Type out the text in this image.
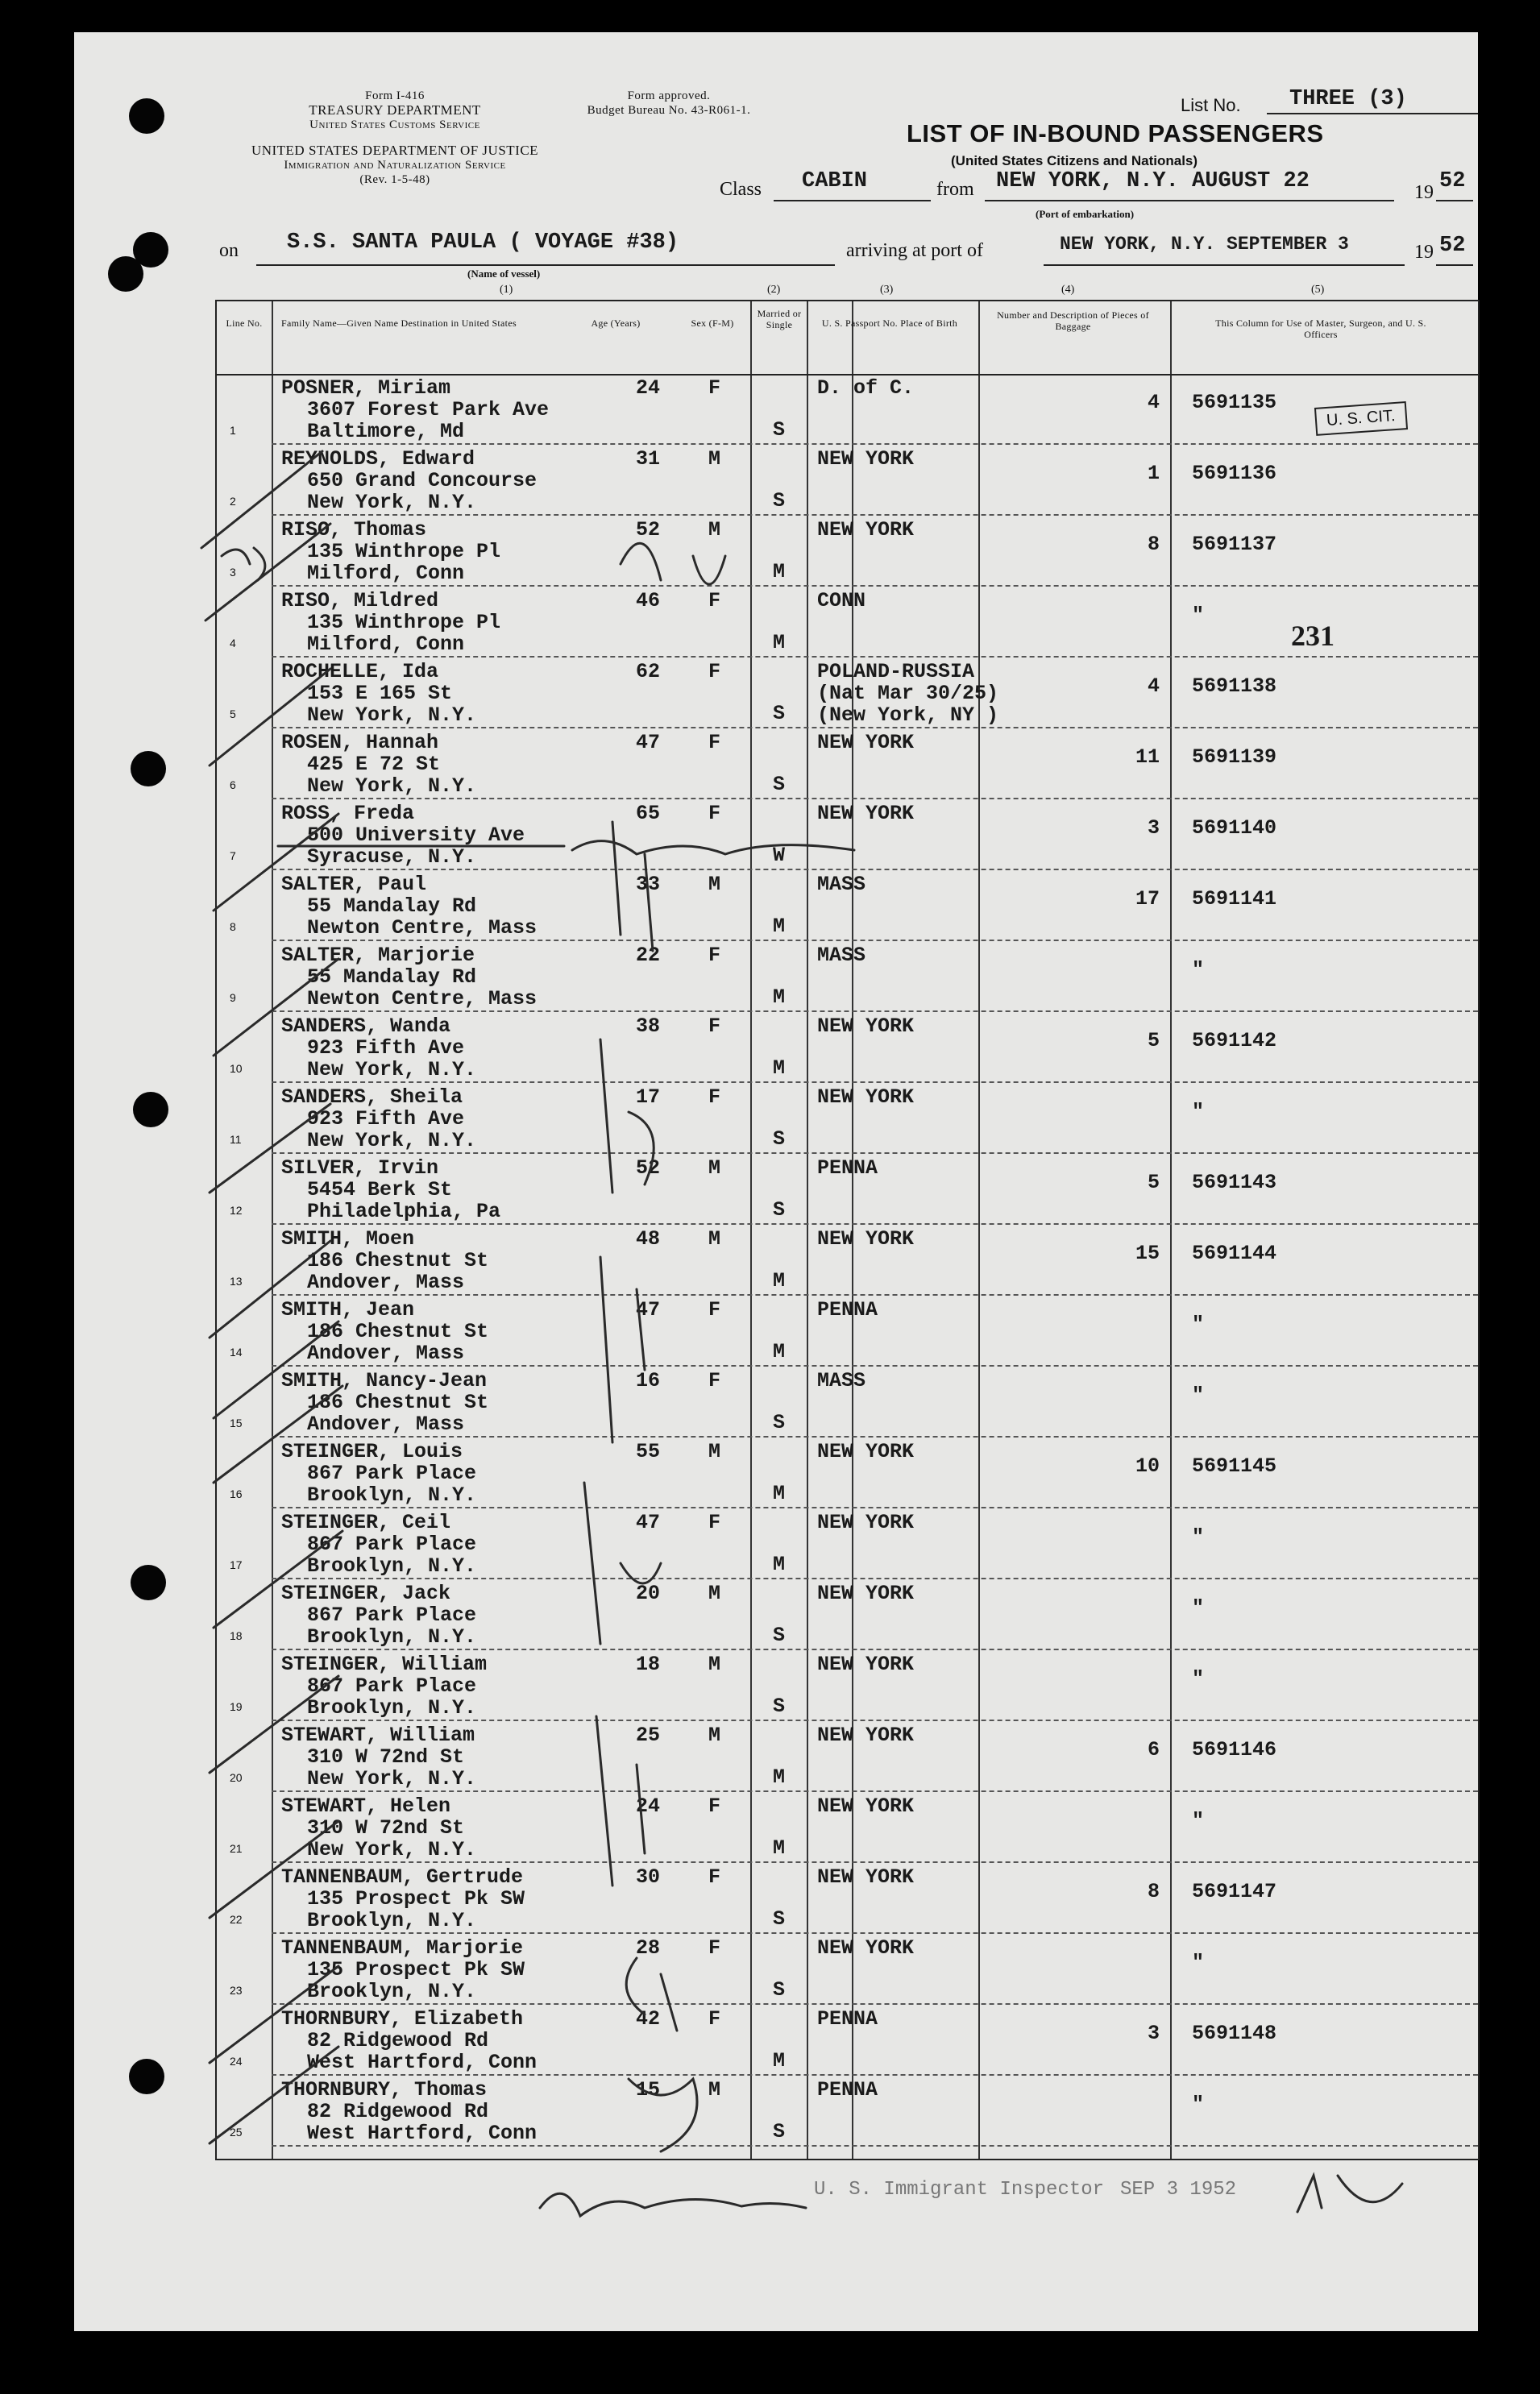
Form I-416
TREASURY DEPARTMENT
United States Customs Service
UNITED STATES DEPARTMENT OF JUSTICE
Immigration and Naturalization Service
(Rev. 1-5-48)
Form approved.
Budget Bureau No. 43-R061-1.	List No. THREE (3)
LIST OF IN-BOUND PASSENGERS
(United States Citizens and Nationals)
Class CABIN	from NEW YORK, N.Y. AUGUST 22	19 52
(Port of embarkation)
on S.S. SANTA PAULA ( VOYAGE #38)
(Name of vessel)
arriving at port of	NEW YORK, N.Y. SEPTEMBER 3	19 52
(1)	(2)	(3)	(4)	(5)
Line No.	Family Name—Given Name Destination in United States	Age (Years)	Sex (F-M)
Married or Single	U. S. Passport No. Place of Birth
Number and Description of Pieces of Baggage	This Column for Use of Master, Surgeon, and U. S. Officers
1
POSNER, Miriam
3607 Forest Park Ave
Baltimore, Md
24 F
S
D. of C.
4 5691135
2
REYNOLDS, Edward
650 Grand Concourse
New York, N.Y.
31 M
S
NEW YORK
1 5691136
3
RISO, Thomas
135 Winthrope Pl
Milford, Conn
52 M
M
NEW YORK
8 5691137
4
RISO, Mildred
135 Winthrope Pl
Milford, Conn
46 F
M
CONN
"
5
ROCHELLE, Ida
153 E 165 St
New York, N.Y.
62 F
S
POLAND-RUSSIA
(Nat Mar 30/25)
(New York, NY )
4 5691138
6
ROSEN, Hannah
425 E 72 St
New York, N.Y.
47 F
S
NEW YORK
11 5691139
7
ROSS, Freda
500 University Ave
Syracuse, N.Y.
65 F
W
NEW YORK
3 5691140
8
SALTER, Paul
55 Mandalay Rd
Newton Centre, Mass
33 M
M
MASS
17 5691141
9
SALTER, Marjorie
55 Mandalay Rd
Newton Centre, Mass
22 F
M
MASS
"
10
SANDERS, Wanda
923 Fifth Ave
New York, N.Y.
38 F
M
NEW YORK
5 5691142
11
SANDERS, Sheila
923 Fifth Ave
New York, N.Y.
17 F
S
NEW YORK
"
12
SILVER, Irvin
5454 Berk St
Philadelphia, Pa
52 M
S
PENNA
5 5691143
13
SMITH, Moen
186 Chestnut St
Andover, Mass
48 M
M
NEW YORK
15 5691144
14
SMITH, Jean
186 Chestnut St
Andover, Mass
47 F
M
PENNA
"
15
SMITH, Nancy-Jean
186 Chestnut St
Andover, Mass
16 F
S
MASS
"
16
STEINGER, Louis
867 Park Place
Brooklyn, N.Y.
55 M
M
NEW YORK
10 5691145
17
STEINGER, Ceil
867 Park Place
Brooklyn, N.Y.
47 F
M
NEW YORK
"
18
STEINGER, Jack
867 Park Place
Brooklyn, N.Y.
20 M
S
NEW YORK
"
19
STEINGER, William
867 Park Place
Brooklyn, N.Y.
18 M
S
NEW YORK
"
20
STEWART, William
310 W 72nd St
New York, N.Y.
25 M
M
NEW YORK
6 5691146
21
STEWART, Helen
310 W 72nd St
New York, N.Y.
24 F
M
NEW YORK
"
22
TANNENBAUM, Gertrude
135 Prospect Pk SW
Brooklyn, N.Y.
30 F
S
NEW YORK
8 5691147
23
TANNENBAUM, Marjorie
135 Prospect Pk SW
Brooklyn, N.Y.
28 F
S
NEW YORK
"
24
THORNBURY, Elizabeth
82 Ridgewood Rd
West Hartford, Conn
42 F
M
PENNA
3 5691148
25
THORNBURY, Thomas
82 Ridgewood Rd
West Hartford, Conn
15 M
S
PENNA
"
U. S. CIT.
231
U. S. Immigrant Inspector SEP 3 1952
